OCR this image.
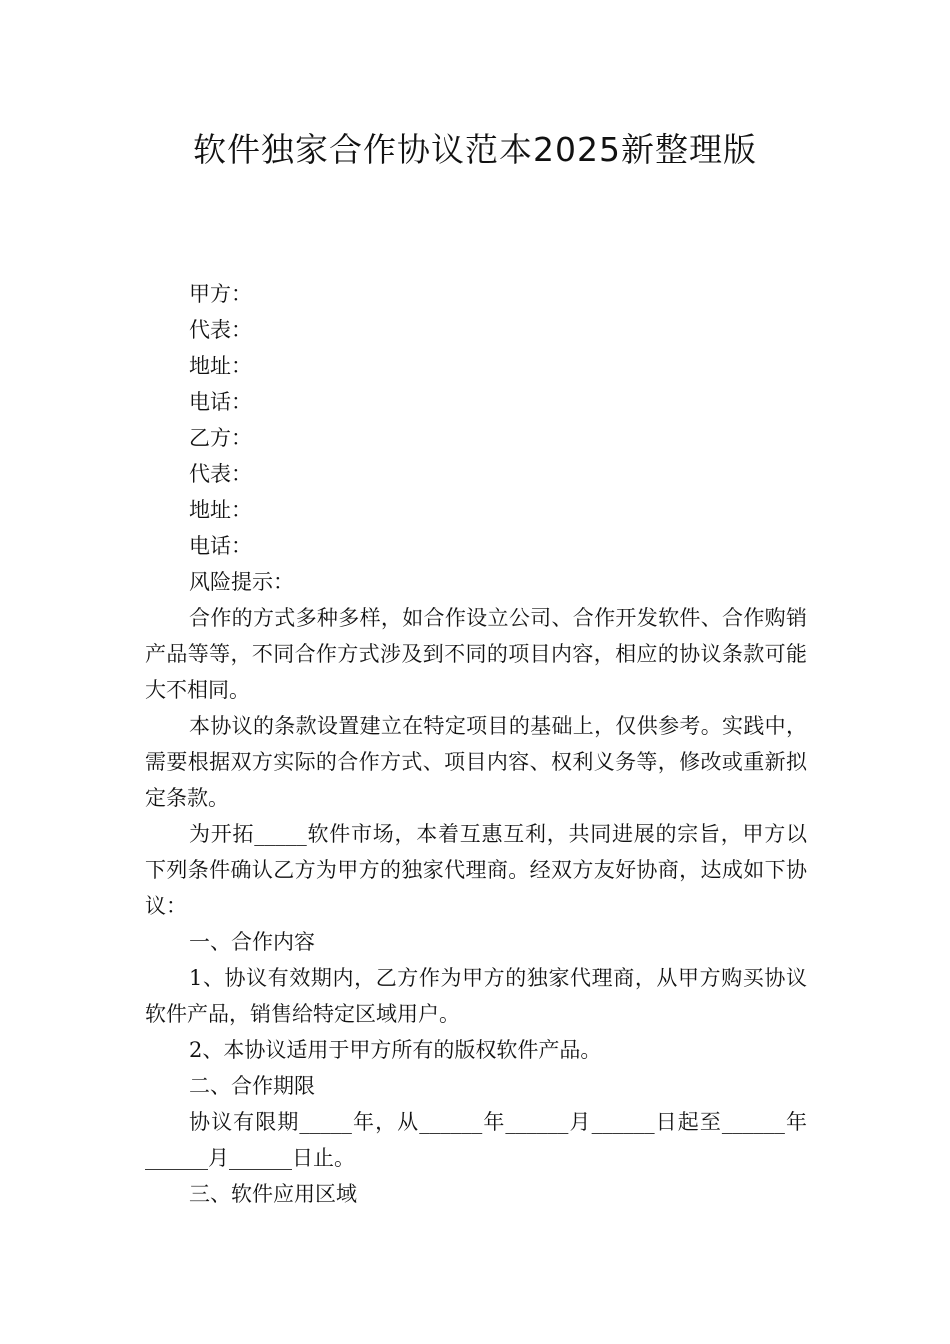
软件独家合作协议范本2025新整理版
甲方：
代表：
地址：
电话：
乙方：
代表：
地址：
电话：
风险提示：

合作的方式多种多样，如合作设立公司、合作开发软件、合作购销产品等等，不同合作方式涉及到不同的项目内容，相应的协议条款可能大不相同。

本协议的条款设置建立在特定项目的基础上，仅供参考。实践中，需要根据双方实际的合作方式、项目内容、权利义务等，修改或重新拟定条款。

为开拓_____软件市场，本着互惠互利，共同进展的宗旨，甲方以下列条件确认乙方为甲方的独家代理商。经双方友好协商，达成如下协议：

一、合作内容

1、协议有效期内，乙方作为甲方的独家代理商，从甲方购买协议软件产品，销售给特定区域用户。

2、本协议适用于甲方所有的版权软件产品。
二、合作期限

协议有限期_____年，从______年______月______日起至______年______月______日止。

三、软件应用区域
